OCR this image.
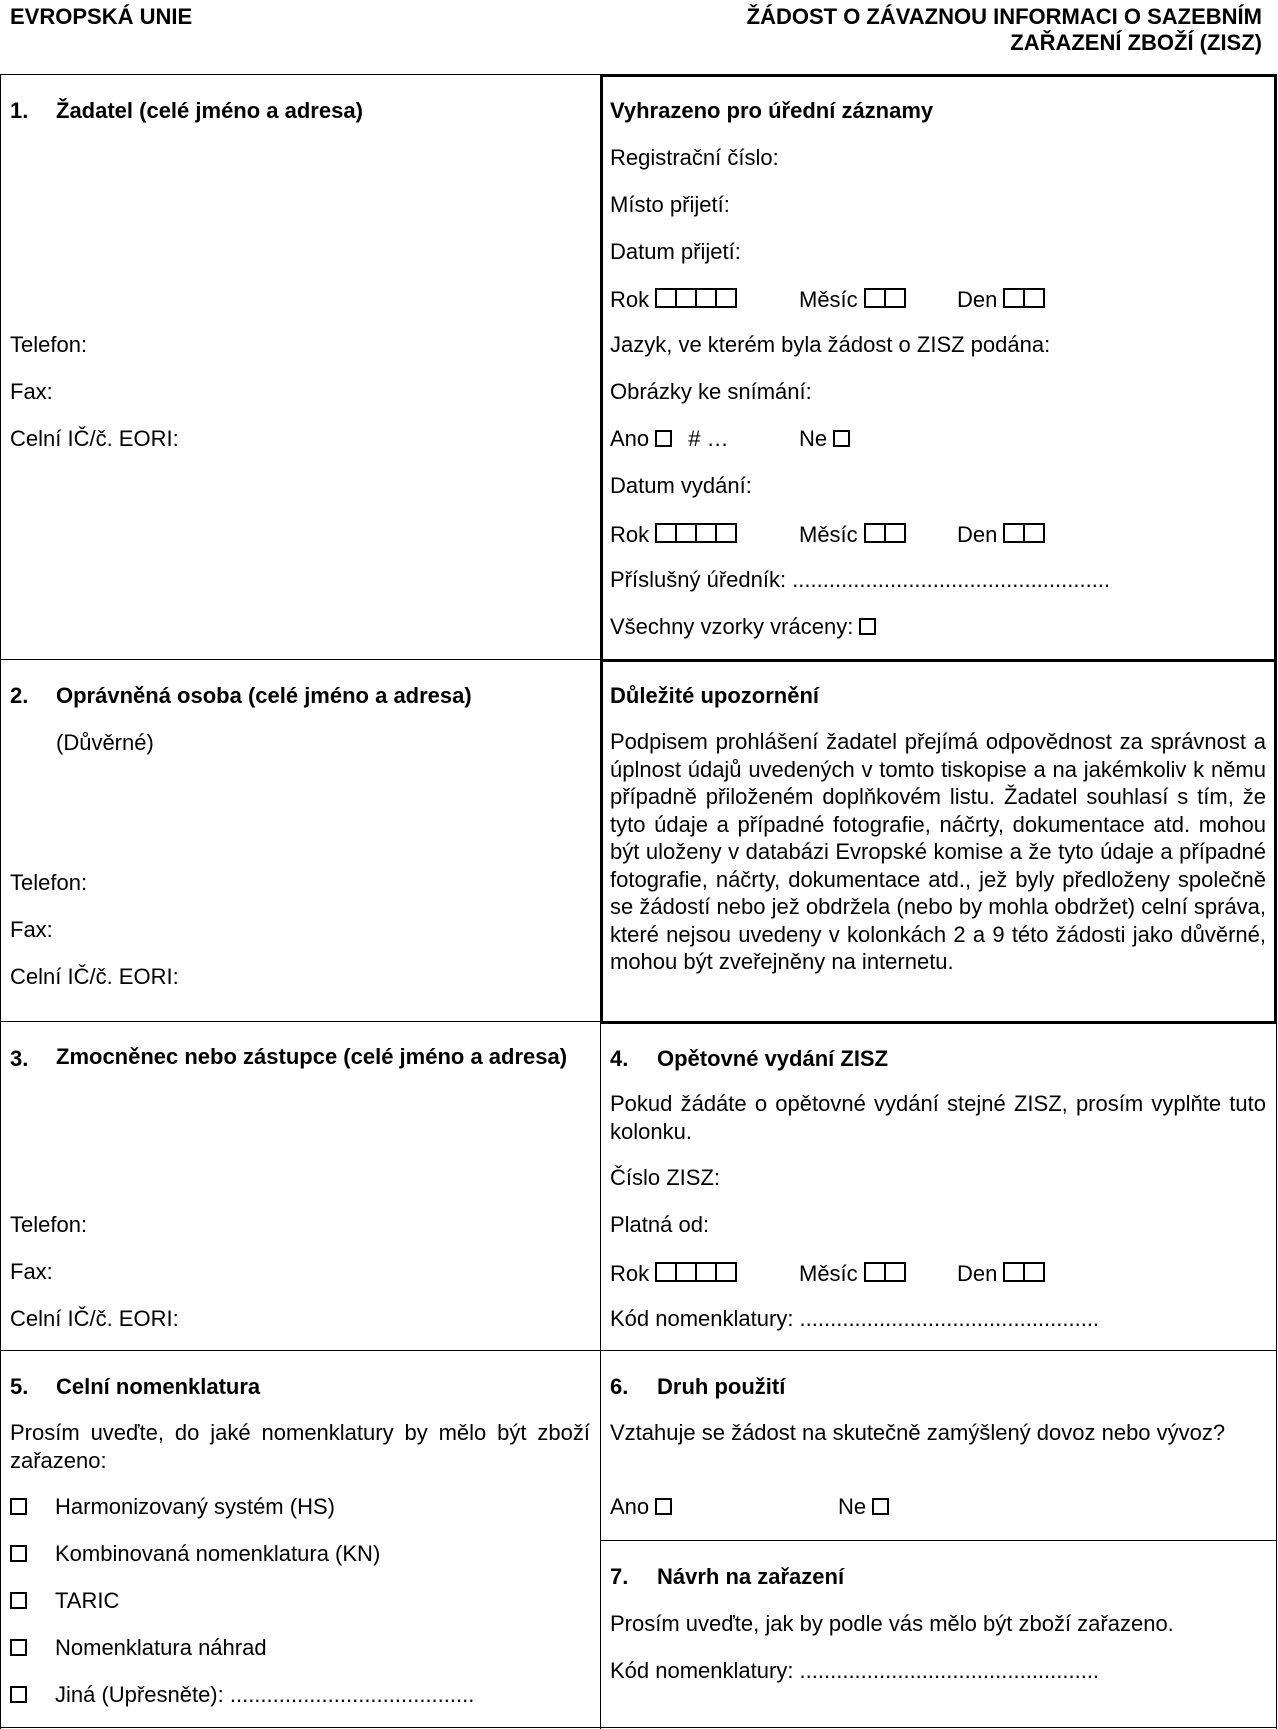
EVROPSKÁ UNIE	ŽÁDOST O ZÁVAZNOU INFORMACI O SAZEBNÍM
ZAŘAZENÍ ZBOŽÍ (ZISZ)
1. Žadatel (celé jméno a adresa)
Telefon:
Fax:
Celní IČ/č. EORI:
Vyhrazeno pro úřední záznamy
Registrační číslo:
Místo přijetí:
Datum přijetí:
Rok	Měsíc	Den
Jazyk, ve kterém byla žádost o ZISZ podána:
Obrázky ke snímání:
Ano # …	Ne
Datum vydání:
Rok	Měsíc	Den
Příslušný úředník: ....................................................
Všechny vzorky vráceny:
2. Oprávněná osoba (celé jméno a adresa)
(Důvěrné)
Telefon:
Fax:
Celní IČ/č. EORI:
Důležité upozornění
Podpisem prohlášení žadatel přejímá odpovědnost za správnost a úplnost údajů uvedených v tomto tiskopise a na jakémkoliv k němu případně přiloženém doplňkovém listu. Žadatel souhlasí s tím, že tyto údaje a případné fotografie, náčrty, dokumentace atd. mohou být uloženy v databázi Evropské komise a že tyto údaje a případné fotografie, náčrty, dokumentace atd., jež byly předloženy společně se žádostí nebo jež obdržela (nebo by mohla obdržet) celní správa, které nejsou uvedeny v kolonkách 2 a 9 této žádosti jako důvěrné, mohou být zveřejněny na internetu.
3. Zmocněnec nebo zástupce (celé jméno a adresa)
Telefon:
Fax:
Celní IČ/č. EORI:
4. Opětovné vydání ZISZ
Pokud žádáte o opětovné vydání stejné ZISZ, prosím vyplňte tuto kolonku.
Číslo ZISZ:
Platná od:
Rok	Měsíc	Den
Kód nomenklatury: .................................................
5. Celní nomenklatura
Prosím uveďte, do jaké nomenklatury by mělo být zboží zařazeno:
Harmonizovaný systém (HS)
Kombinovaná nomenklatura (KN)
TARIC
Nomenklatura náhrad
Jiná (Upřesněte): ........................................
6. Druh použití
Vztahuje se žádost na skutečně zamýšlený dovoz nebo vývoz?
Ano	Ne
7. Návrh na zařazení
Prosím uveďte, jak by podle vás mělo být zboží zařazeno.
Kód nomenklatury: .................................................
